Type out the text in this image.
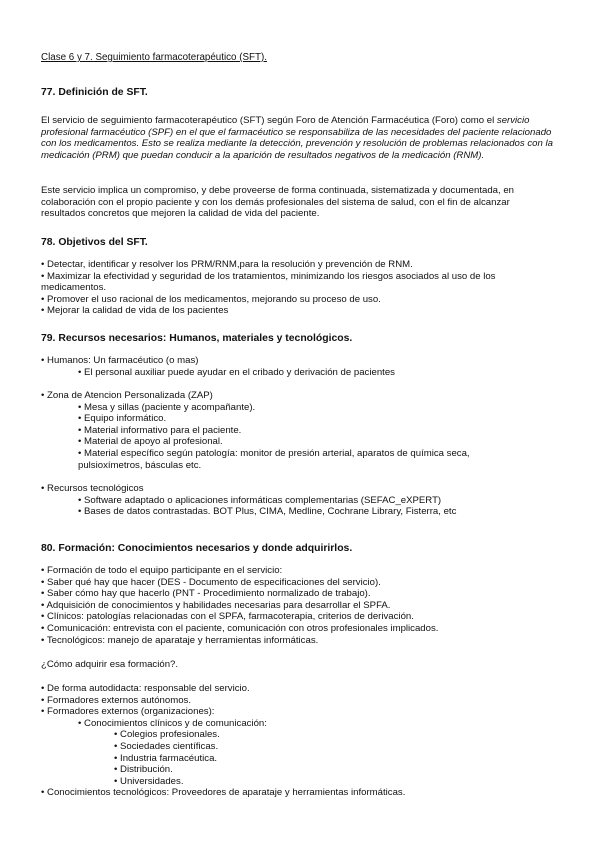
Clase 6 y 7. Seguimiento farmacoterapéutico (SFT).
77. Definición de SFT.

El servicio de seguimiento farmacoterapéutico (SFT) según Foro de Atención Farmacéutica (Foro) como el servicio profesional farmacéutico (SPF) en el que el farmacéutico se responsabiliza de las necesidades del paciente relacionado con los medicamentos. Esto se realiza mediante la detección, prevención y resolución de problemas relacionados con la medicación (PRM) que puedan conducir a la aparición de resultados negativos de la medicación (RNM).

Este servicio implica un compromiso, y debe proveerse de forma continuada, sistematizada y documentada, en colaboración con el propio paciente y con los demás profesionales del sistema de salud, con el fin de alcanzar resultados concretos que mejoren la calidad de vida del paciente.

78. Objetivos del SFT.
• Detectar, identificar y resolver los PRM/RNM,para la resolución y prevención de RNM.
• Maximizar la efectividad y seguridad de los tratamientos, minimizando los riesgos asociados al uso de los medicamentos.
• Promover el uso racional de los medicamentos, mejorando su proceso de uso.
• Mejorar la calidad de vida de los pacientes
79. Recursos necesarios: Humanos, materiales y tecnológicos.
• Humanos: Un farmacéutico (o mas)
• El personal auxiliar puede ayudar en el cribado y derivación de pacientes
• Zona de Atencion Personalizada (ZAP)
• Mesa y sillas (paciente y acompañante).
• Equipo informático.
• Material informativo para el paciente.
• Material de apoyo al profesional.
• Material específico según patología: monitor de presión arterial, aparatos de química seca, pulsioxímetros, básculas etc.
• Recursos tecnológicos
• Software adaptado o aplicaciones informáticas complementarias (SEFAC_eXPERT)
• Bases de datos contrastadas. BOT Plus, CIMA, Medline, Cochrane Library, Fisterra, etc
80. Formación: Conocimientos necesarios y donde adquirirlos.
• Formación de todo el equipo participante en el servicio:
• Saber qué hay que hacer (DES - Documento de especificaciones del servicio).
• Saber cómo hay que hacerlo (PNT - Procedimiento normalizado de trabajo).
• Adquisición de conocimientos y habilidades necesarias para desarrollar el SPFA.
• Clínicos: patologías relacionadas con el SPFA, farmacoterapia, criterios de derivación.
• Comunicación: entrevista con el paciente, comunicación con otros profesionales implicados.
• Tecnológicos: manejo de aparataje y herramientas informáticas.
¿Cómo adquirir esa formación?.
• De forma autodidacta: responsable del servicio.
• Formadores externos autónomos.
• Formadores externos (organizaciones):
• Conocimientos clínicos y de comunicación:
• Colegios profesionales.
• Sociedades científicas.
• Industria farmacéutica.
• Distribución.
• Universidades.
• Conocimientos tecnológicos: Proveedores de aparataje y herramientas informáticas.
